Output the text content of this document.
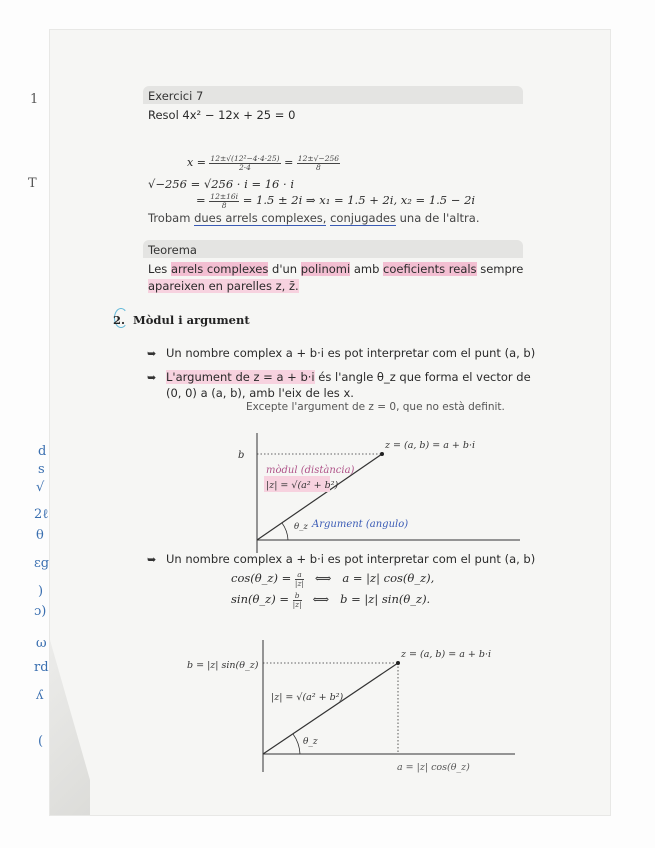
1
T
d
s
√
2ℓ
θ
ɛg
)
ɔ)
ω
rd
ʎ
(
Exercici 7
Resol 4x² − 12x + 25 = 0
$x = \frac{\text{12±√(12²−4·4·25)}}{2\cdot 4} = \frac{12\pm√-256}{8}$
√−256 = √256 · i = 16 · i
= $\frac{12\pm 16i}{8} = 1.5 \pm 2i$ ⇒ x₁ = 1.5 + 2i, x₂ = 1.5 − 2i
Trobam dues arrels complexes, conjugades una de l'altra.
Teorema
Les arrels complexes d'un polinomi amb coeficients reals sempre
apareixen en parelles z, z̄.
2. Mòdul i argument
➥ Un nombre complex a + b·i es pot interpretar com el punt (a, b)
➥ L'argument de z = a + b·i és l'angle θ_z que forma el vector de
(0, 0) a (a, b), amb l'eix de les x.
Excepte l'argument de z = 0, que no està definit.
b
z = (a, b) = a + b·i
mòdul (distància)
|z| = √(a² + b²)
θ_z Argument (angulo)
➥ Un nombre complex a + b·i es pot interpretar com el punt (a, b)
cos(θ_z) = $\frac{a}{|z|}$ ⟺ a = |z| cos(θ_z),
sin(θ_z) = $\frac{b}{|z|}$ ⟺ b = |z| sin(θ_z).
b = |z| sin(θ_z)
z = (a, b) = a + b·i
|z| = √(a² + b²)
θ_z
a = |z| cos(θ_z)
